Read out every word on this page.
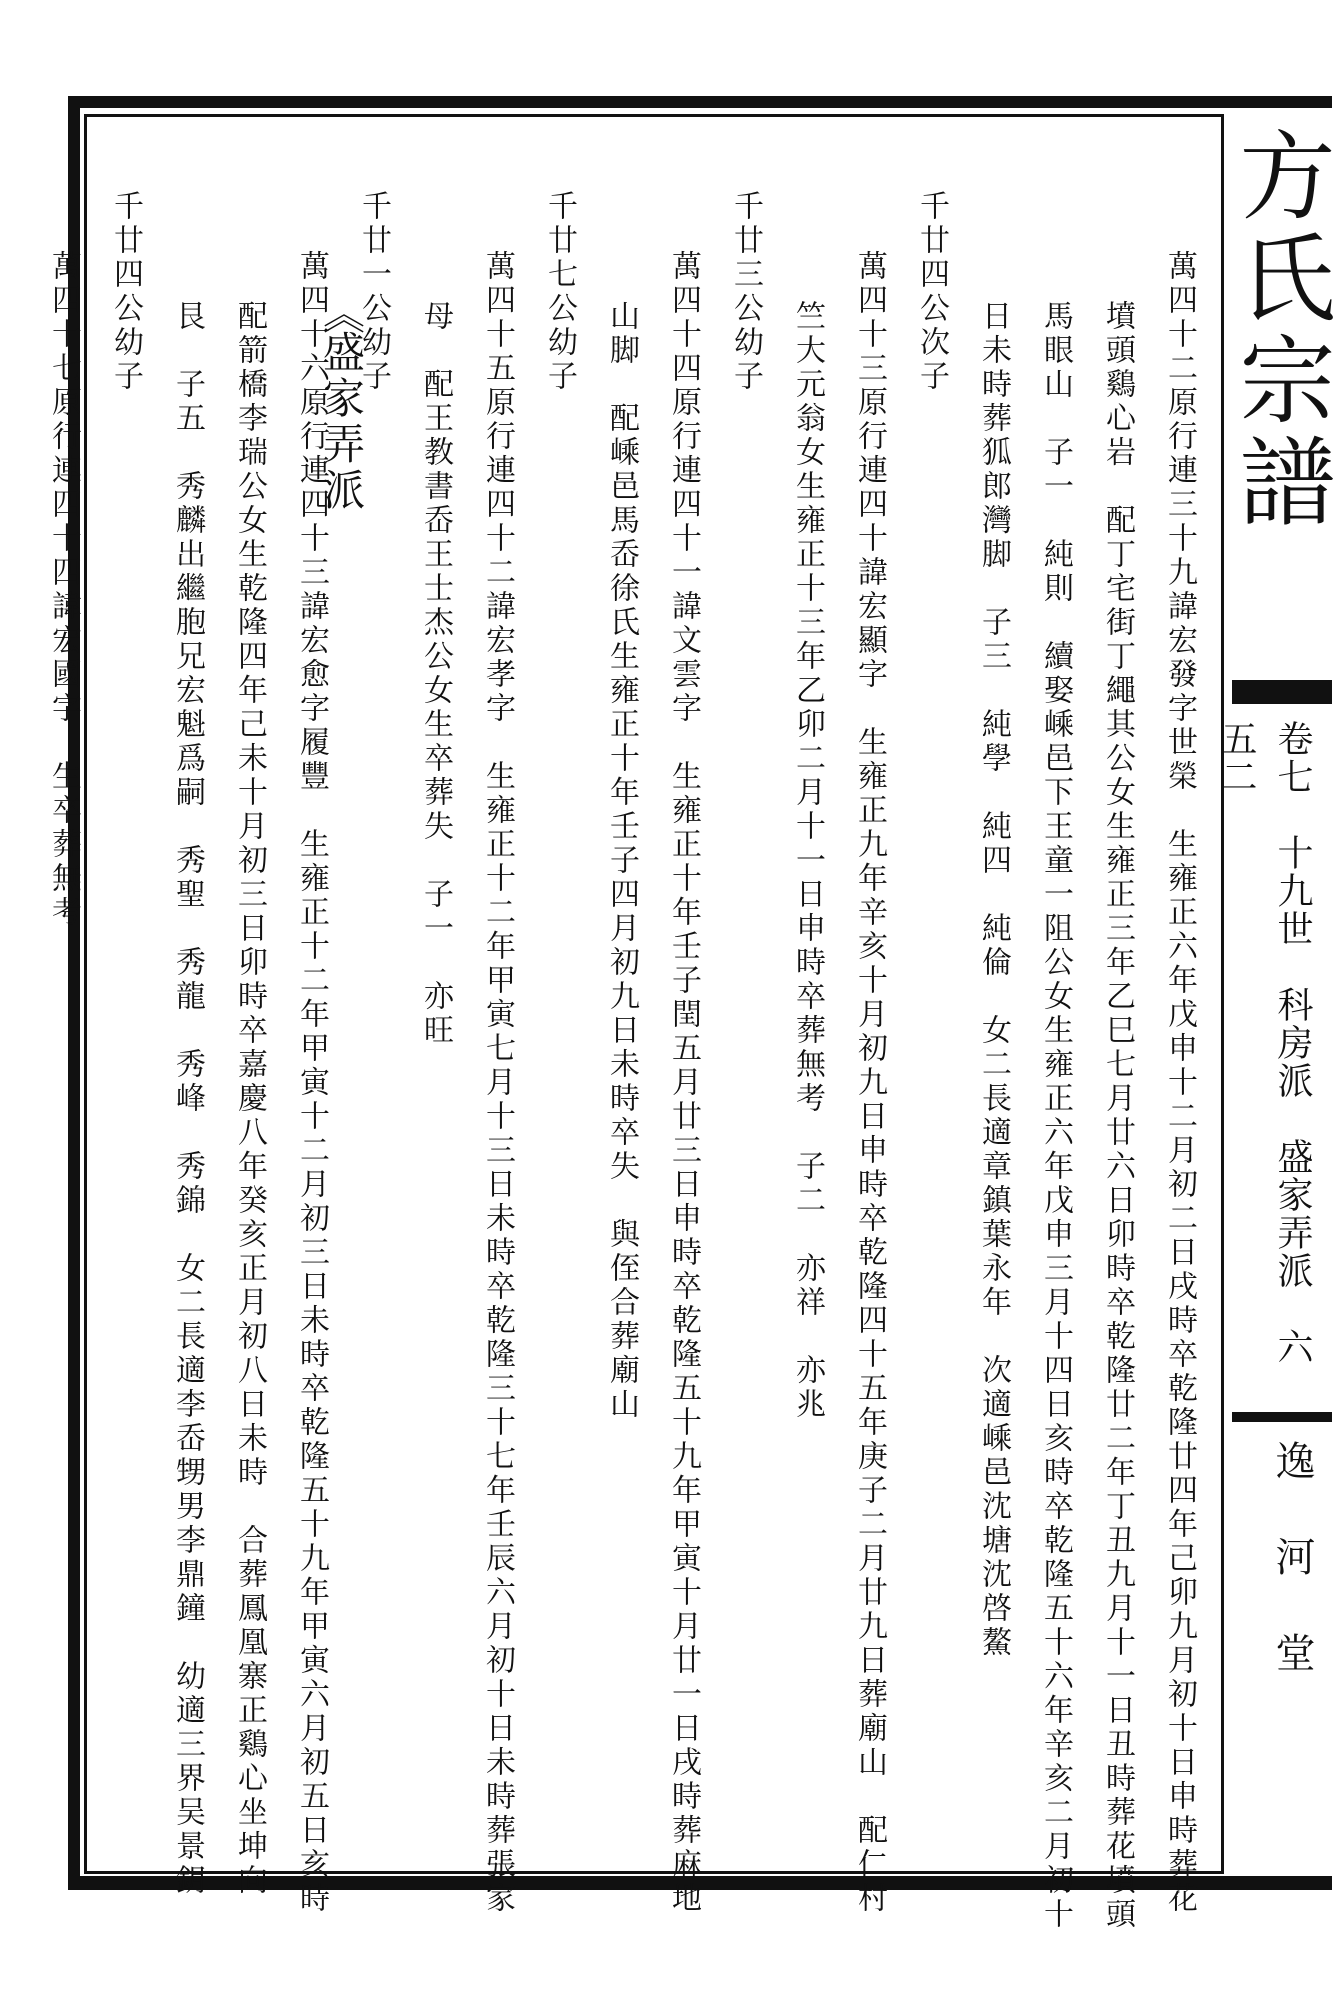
方氏宗譜
卷七　十九世　科房派　盛家弄派　六五二
逸河堂
萬四十二原行連三十九諱宏發字世榮　生雍正六年戊申十二月初二日戌時卒乾隆廿四年己卯九月初十日申時葬花
墳頭鷄心岩　配丁宅街丁繩其公女生雍正三年乙巳七月廿六日卯時卒乾隆廿二年丁丑九月十一日丑時葬花墳頭
馬眼山　子一　純則　續娶嵊邑下王童一阻公女生雍正六年戊申三月十四日亥時卒乾隆五十六年辛亥二月初十
日未時葬狐郎灣脚　子三　純學　純四　純倫　女二長適章鎮葉永年　次適嵊邑沈塘沈啓鰲
千廿四公次子
萬四十三原行連四十諱宏顯字　生雍正九年辛亥十月初九日申時卒乾隆四十五年庚子二月廿九日葬廟山　配仁村
竺大元翁女生雍正十三年乙卯二月十一日申時卒葬無考　子二　亦祥　亦兆
千廿三公幼子
萬四十四原行連四十一諱文雲字　生雍正十年壬子閏五月廿三日申時卒乾隆五十九年甲寅十月廿一日戌時葬麻地
山脚　配嵊邑馬岙徐氏生雍正十年壬子四月初九日未時卒失　與侄合葬廟山
千廿七公幼子
萬四十五原行連四十二諱宏孝字　生雍正十二年甲寅七月十三日未時卒乾隆三十七年壬辰六月初十日未時葬張家
母　配王教書岙王士杰公女生卒葬失　子一　亦旺
千廿一公幼子
萬四十六原行連四十三諱宏愈字履豐　生雍正十二年甲寅十二月初三日未時卒乾隆五十九年甲寅六月初五日亥時
配箭橋李瑞公女生乾隆四年己未十月初三日卯時卒嘉慶八年癸亥正月初八日未時　合葬鳳凰寨正鷄心坐坤向
艮　子五　秀麟出繼胞兄宏魁爲嗣　秀聖　秀龍　秀峰　秀錦　女二長適李岙甥男李鼎鐘　幼適三界吴景鈅
千廿四公幼子
萬四十七原行連四十四諱宏國字　生卒葬無考
	《盛家弄派
